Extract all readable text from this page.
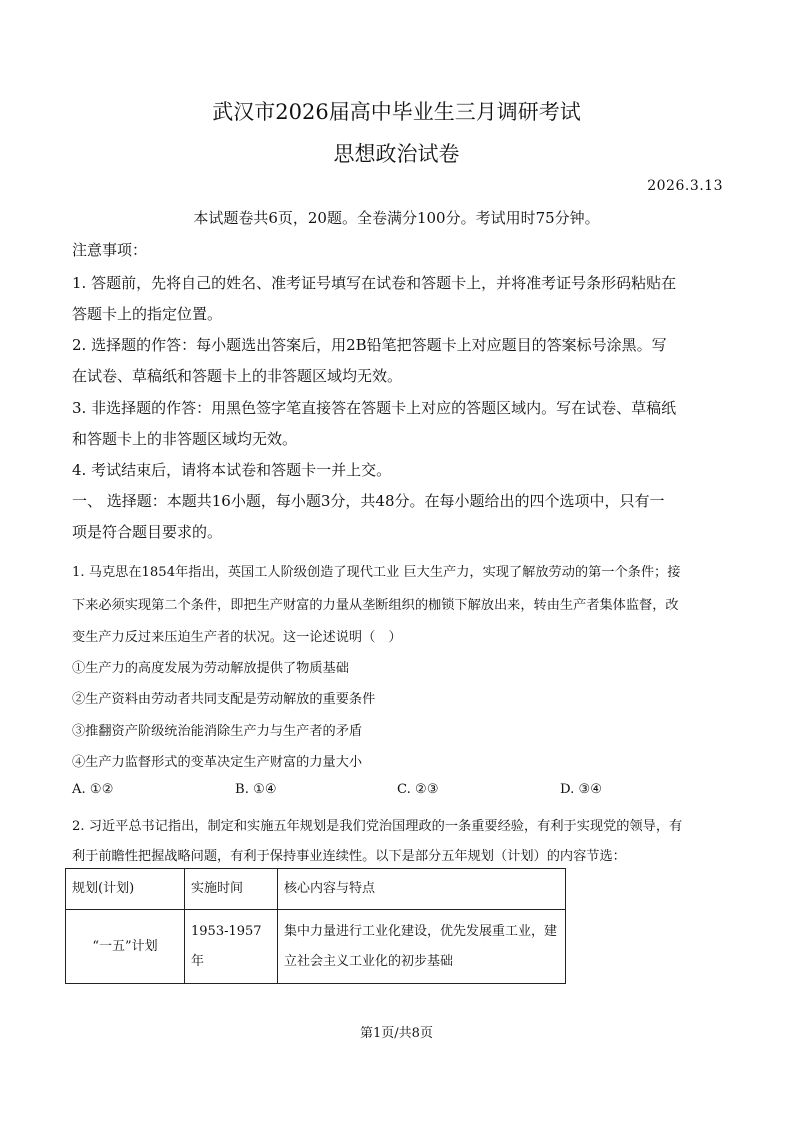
武汉市2026届高中毕业生三月调研考试
思想政治试卷
2026.3.13
本试题卷共6页，20题。全卷满分100分。考试用时75分钟。
注意事项：
1. 答题前，先将自己的姓名、准考证号填写在试卷和答题卡上，并将准考证号条形码粘贴在
答题卡上的指定位置。
2. 选择题的作答：每小题选出答案后，用2B铅笔把答题卡上对应题目的答案标号涂黑。写
在试卷、草稿纸和答题卡上的非答题区域均无效。
3. 非选择题的作答：用黑色签字笔直接答在答题卡上对应的答题区域内。写在试卷、草稿纸
和答题卡上的非答题区域均无效。
4. 考试结束后，请将本试卷和答题卡一并上交。
一、 选择题：本题共16小题，每小题3分，共48分。在每小题给出的四个选项中，只有一
项是符合题目要求的。
1. 马克思在1854年指出，英国工人阶级创造了现代工业 巨大生产力，实现了解放劳动的第一个条件；接
下来必须实现第二个条件，即把生产财富的力量从垄断组织的枷锁下解放出来，转由生产者集体监督，改
变生产力反过来压迫生产者的状况。这一论述说明（　）
①生产力的高度发展为劳动解放提供了物质基础
②生产资料由劳动者共同支配是劳动解放的重要条件
③推翻资产阶级统治能消除生产力与生产者的矛盾
④生产力监督形式的变革决定生产财富的力量大小
A. ①②	B. ①④	C. ②③	D. ③④
2. 习近平总书记指出，制定和实施五年规划是我们党治国理政的一条重要经验，有利于实现党的领导，有
利于前瞻性把握战略问题，有利于保持事业连续性。以下是部分五年规划（计划）的内容节选：
规划(计划)	实施时间	核心内容与特点
“一五”计划	1953-1957年	集中力量进行工业化建设，优先发展重工业，建立社会主义工业化的初步基础
第1页/共8页
